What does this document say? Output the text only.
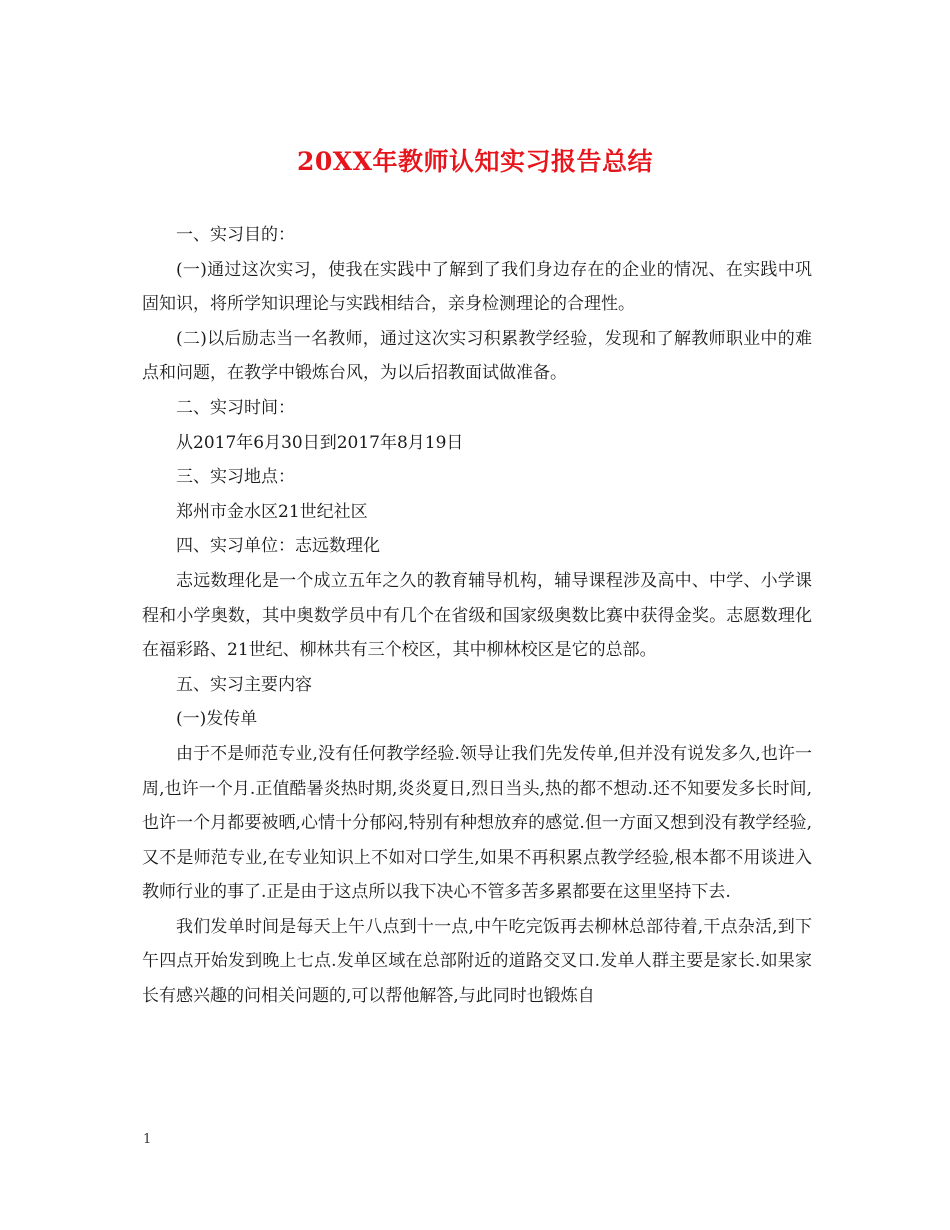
20XX年教师认知实习报告总结

一、实习目的：

(一)通过这次实习，使我在实践中了解到了我们身边存在的企业的情况、在实践中巩固知识，将所学知识理论与实践相结合，亲身检测理论的合理性。

(二)以后励志当一名教师，通过这次实习积累教学经验，发现和了解教师职业中的难点和问题，在教学中锻炼台风，为以后招教面试做准备。

二、实习时间：

从2017年6月30日到2017年8月19日

三、实习地点：

郑州市金水区21世纪社区

四、实习单位：志远数理化

志远数理化是一个成立五年之久的教育辅导机构，辅导课程涉及高中、中学、小学课程和小学奥数，其中奥数学员中有几个在省级和国家级奥数比赛中获得金奖。志愿数理化在福彩路、21世纪、柳林共有三个校区，其中柳林校区是它的总部。

五、实习主要内容

(一)发传单

由于不是师范专业,没有任何教学经验.领导让我们先发传单,但并没有说发多久,也许一周,也许一个月.正值酷暑炎热时期,炎炎夏日,烈日当头,热的都不想动.还不知要发多长时间,也许一个月都要被晒,心情十分郁闷,特别有种想放弃的感觉.但一方面又想到没有教学经验,又不是师范专业,在专业知识上不如对口学生,如果不再积累点教学经验,根本都不用谈进入教师行业的事了.正是由于这点所以我下决心不管多苦多累都要在这里坚持下去.

我们发单时间是每天上午八点到十一点,中午吃完饭再去柳林总部待着,干点杂活,到下午四点开始发到晚上七点.发单区域在总部附近的道路交叉口.发单人群主要是家长.如果家长有感兴趣的问相关问题的,可以帮他解答,与此同时也锻炼自

1
